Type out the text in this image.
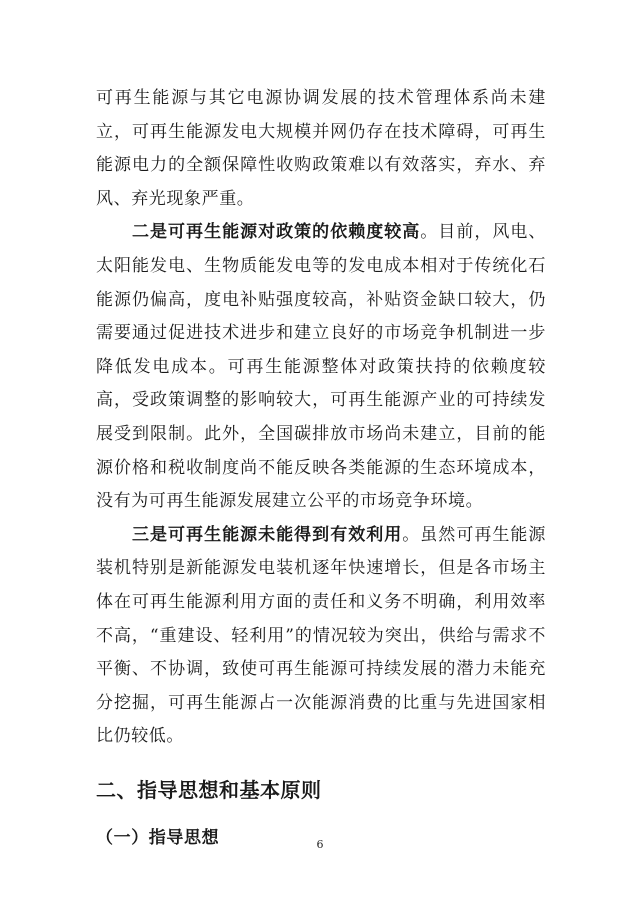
可再生能源与其它电源协调发展的技术管理体系尚未建立，可再生能源发电大规模并网仍存在技术障碍，可再生能源电力的全额保障性收购政策难以有效落实，弃水、弃风、弃光现象严重。

二是可再生能源对政策的依赖度较高。目前，风电、太阳能发电、生物质能发电等的发电成本相对于传统化石能源仍偏高，度电补贴强度较高，补贴资金缺口较大，仍需要通过促进技术进步和建立良好的市场竞争机制进一步降低发电成本。可再生能源整体对政策扶持的依赖度较高，受政策调整的影响较大，可再生能源产业的可持续发展受到限制。此外，全国碳排放市场尚未建立，目前的能源价格和税收制度尚不能反映各类能源的生态环境成本，没有为可再生能源发展建立公平的市场竞争环境。

三是可再生能源未能得到有效利用。虽然可再生能源装机特别是新能源发电装机逐年快速增长，但是各市场主体在可再生能源利用方面的责任和义务不明确，利用效率不高，“重建设、轻利用”的情况较为突出，供给与需求不平衡、不协调，致使可再生能源可持续发展的潜力未能充分挖掘，可再生能源占一次能源消费的比重与先进国家相比仍较低。

二、指导思想和基本原则
（一）指导思想	6
